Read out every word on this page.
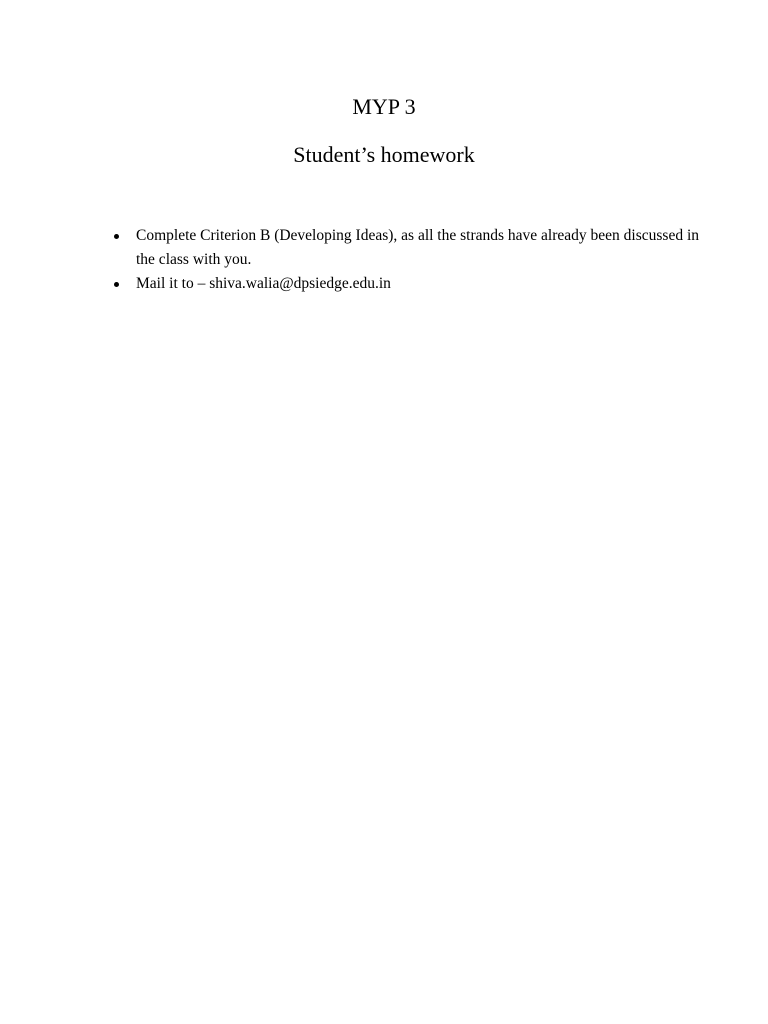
MYP 3
Student’s homework
Complete Criterion B (Developing Ideas), as all the strands have already been discussed in the class with you.
Mail it to – shiva.walia@dpsiedge.edu.in
